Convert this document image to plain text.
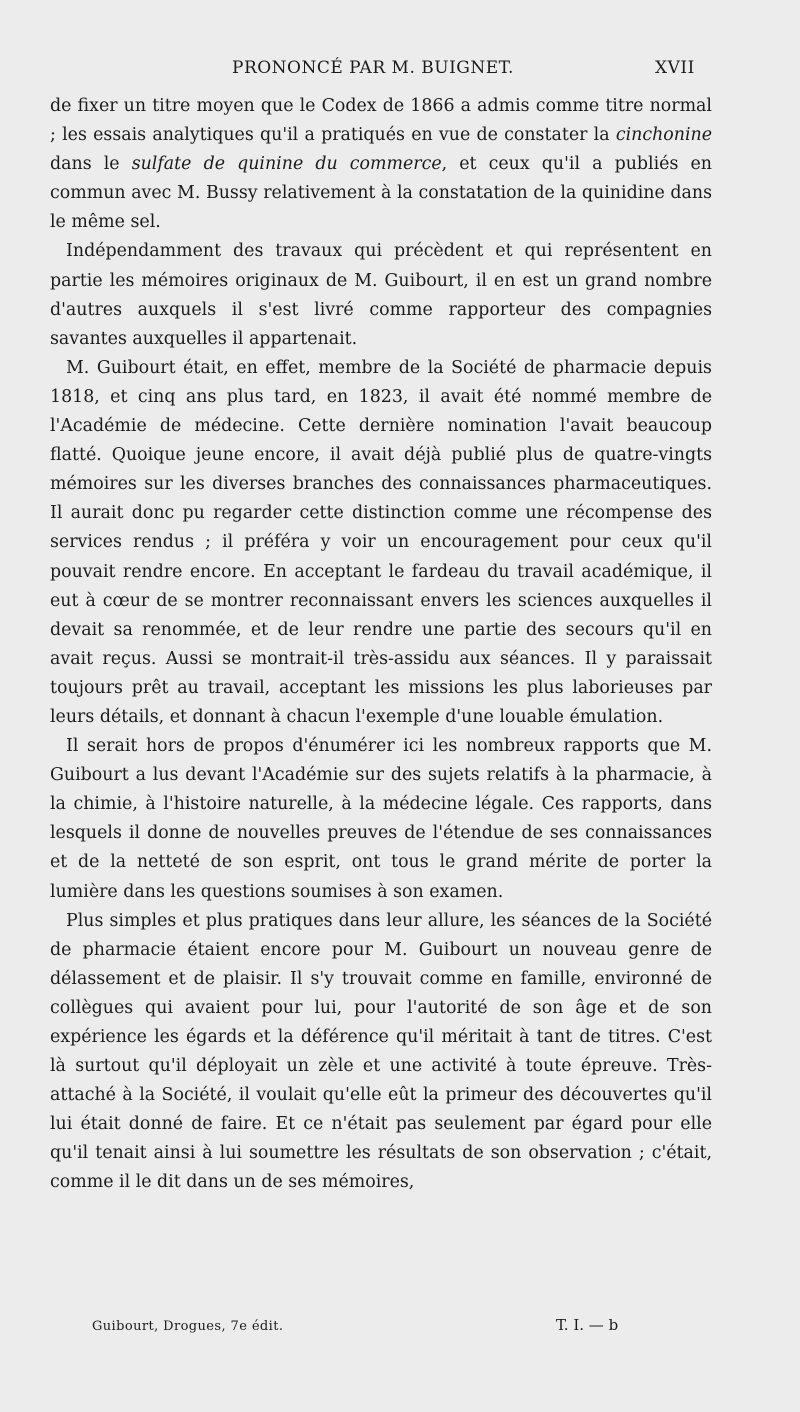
PRONONCÉ PAR M. BUIGNET.	XVII

de fixer un titre moyen que le Codex de 1866 a admis comme titre normal ; les essais analytiques qu'il a pratiqués en vue de constater la cinchonine dans le sulfate de quinine du commerce, et ceux qu'il a publiés en commun avec M. Bussy relativement à la constatation de la quinidine dans le même sel.

Indépendamment des travaux qui précèdent et qui représentent en partie les mémoires originaux de M. Guibourt, il en est un grand nombre d'autres auxquels il s'est livré comme rapporteur des compagnies savantes auxquelles il appartenait.

M. Guibourt était, en effet, membre de la Société de pharmacie depuis 1818, et cinq ans plus tard, en 1823, il avait été nommé membre de l'Académie de médecine. Cette dernière nomination l'avait beaucoup flatté. Quoique jeune encore, il avait déjà publié plus de quatre-vingts mémoires sur les diverses branches des connaissances pharmaceutiques. Il aurait donc pu regarder cette distinction comme une récompense des services rendus ; il préféra y voir un encouragement pour ceux qu'il pouvait rendre encore. En acceptant le fardeau du travail académique, il eut à cœur de se montrer reconnaissant envers les sciences auxquelles il devait sa renommée, et de leur rendre une partie des secours qu'il en avait reçus. Aussi se montrait-il très-assidu aux séances. Il y paraissait toujours prêt au travail, acceptant les missions les plus laborieuses par leurs détails, et donnant à chacun l'exemple d'une louable émulation.

Il serait hors de propos d'énumérer ici les nombreux rapports que M. Guibourt a lus devant l'Académie sur des sujets relatifs à la pharmacie, à la chimie, à l'histoire naturelle, à la médecine légale. Ces rapports, dans lesquels il donne de nouvelles preuves de l'étendue de ses connaissances et de la netteté de son esprit, ont tous le grand mérite de porter la lumière dans les questions soumises à son examen.

Plus simples et plus pratiques dans leur allure, les séances de la Société de pharmacie étaient encore pour M. Guibourt un nouveau genre de délassement et de plaisir. Il s'y trouvait comme en famille, environné de collègues qui avaient pour lui, pour l'autorité de son âge et de son expérience les égards et la déférence qu'il méritait à tant de titres. C'est là surtout qu'il déployait un zèle et une activité à toute épreuve. Très-attaché à la Société, il voulait qu'elle eût la primeur des découvertes qu'il lui était donné de faire. Et ce n'était pas seulement par égard pour elle qu'il tenait ainsi à lui soumettre les résultats de son observation ; c'était, comme il le dit dans un de ses mémoires,

Guibourt, Drogues, 7e édit.	T. I. — b
